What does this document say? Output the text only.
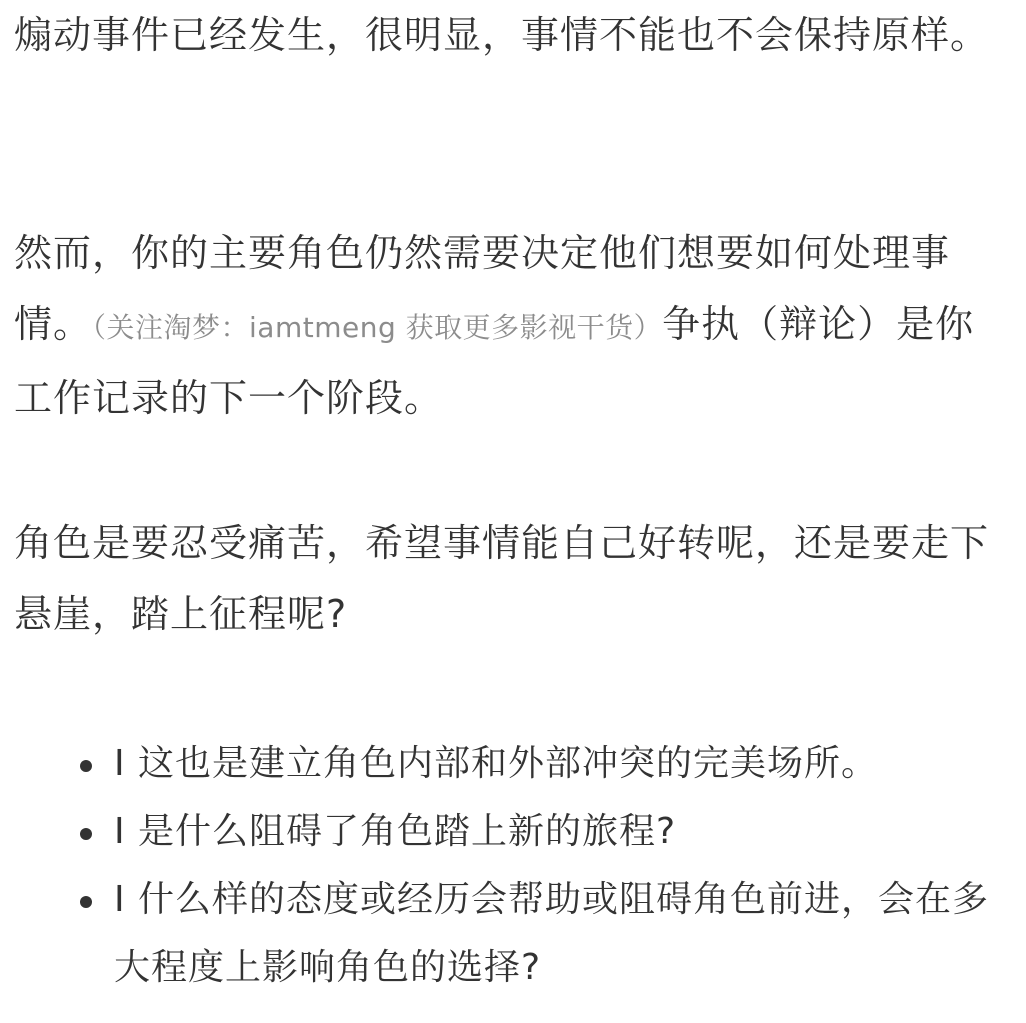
煽动事件已经发生，很明显，事情不能也不会保持原样。

然而，你的主要角色仍然需要决定他们想要如何处理事情。（关注淘梦：iamtmeng 获取更多影视干货）争执（辩论）是你工作记录的下一个阶段。

角色是要忍受痛苦，希望事情能自己好转呢，还是要走下悬崖，踏上征程呢?

I 这也是建立角色内部和外部冲突的完美场所。
I 是什么阻碍了角色踏上新的旅程?
I 什么样的态度或经历会帮助或阻碍角色前进，会在多大程度上影响角色的选择?
